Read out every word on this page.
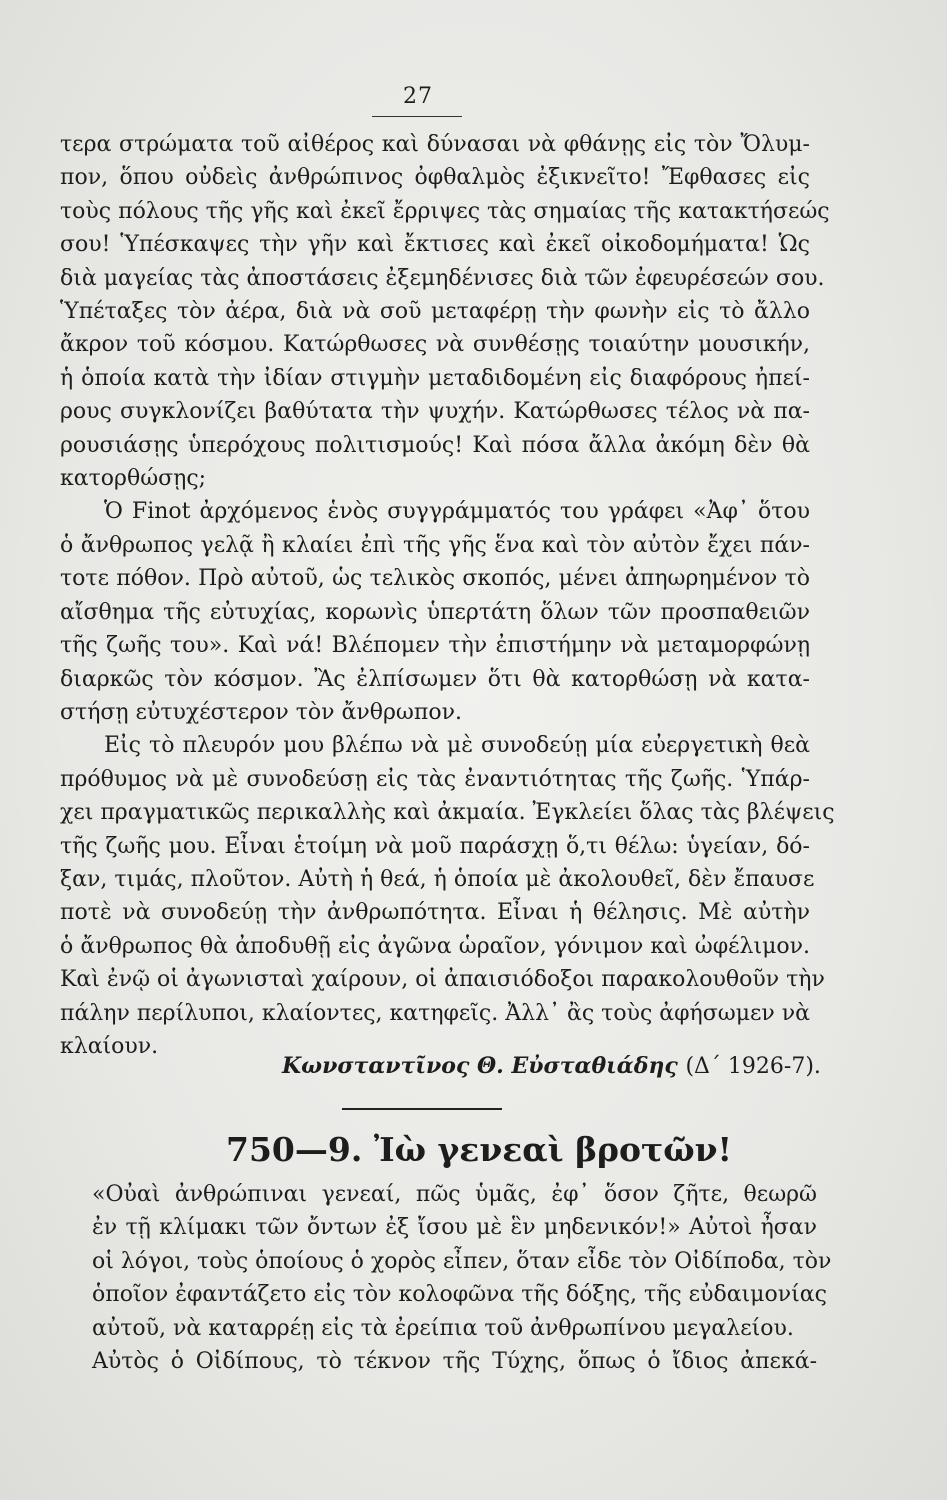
27
τερα στρώματα τοῦ αἰθέρος καὶ δύνασαι νὰ φθάνῃς εἰς τὸν Ὄλυμ-
πον, ὅπου οὐδεὶς ἀνθρώπινος ὀφθαλμὸς ἐξικνεῖτο! Ἔφθασες εἰς
τοὺς πόλους τῆς γῆς καὶ ἐκεῖ ἔρριψες τὰς σημαίας τῆς κατακτήσεώς
σου! Ὑπέσκαψες τὴν γῆν καὶ ἔκτισες καὶ ἐκεῖ οἰκοδομήματα! Ὡς
διὰ μαγείας τὰς ἀποστάσεις ἐξεμηδένισες διὰ τῶν ἐφευρέσεών σου.
Ὑπέταξες τὸν ἀέρα, διὰ νὰ σοῦ μεταφέρῃ τὴν φωνὴν εἰς τὸ ἄλλο
ἄκρον τοῦ κόσμου. Κατώρθωσες νὰ συνθέσῃς τοιαύτην μουσικήν,
ἡ ὁποία κατὰ τὴν ἰδίαν στιγμὴν μεταδιδομένη εἰς διαφόρους ἠπεί-
ρους συγκλονίζει βαθύτατα τὴν ψυχήν. Κατώρθωσες τέλος νὰ πα-
ρουσιάσῃς ὑπερόχους πολιτισμούς! Καὶ πόσα ἄλλα ἀκόμη δὲν θὰ
κατορθώσῃς;
Ὁ Finot ἀρχόμενος ἑνὸς συγγράμματός του γράφει «Ἀφ᾽ ὅτου
ὁ ἄνθρωπος γελᾷ ἢ κλαίει ἐπὶ τῆς γῆς ἕνα καὶ τὸν αὐτὸν ἔχει πάν-
τοτε πόθον. Πρὸ αὐτοῦ, ὡς τελικὸς σκοπός, μένει ἀπηωρημένον τὸ
αἴσθημα τῆς εὐτυχίας, κορωνὶς ὑπερτάτη ὅλων τῶν προσπαθειῶν
τῆς ζωῆς του». Καὶ νά! Βλέπομεν τὴν ἐπιστήμην νὰ μεταμορφώνῃ
διαρκῶς τὸν κόσμον. Ἂς ἐλπίσωμεν ὅτι θὰ κατορθώσῃ νὰ κατα-
στήσῃ εὐτυχέστερον τὸν ἄνθρωπον.
Εἰς τὸ πλευρόν μου βλέπω νὰ μὲ συνοδεύῃ μία εὐεργετικὴ θεὰ
πρόθυμος νὰ μὲ συνοδεύσῃ εἰς τὰς ἐναντιότητας τῆς ζωῆς. Ὑπάρ-
χει πραγματικῶς περικαλλὴς καὶ ἀκμαία. Ἐγκλείει ὅλας τὰς βλέψεις
τῆς ζωῆς μου. Εἶναι ἑτοίμη νὰ μοῦ παράσχῃ ὅ,τι θέλω: ὑγείαν, δό-
ξαν, τιμάς, πλοῦτον. Αὐτὴ ἡ θεά, ἡ ὁποία μὲ ἀκολουθεῖ, δὲν ἔπαυσε
ποτὲ νὰ συνοδεύῃ τὴν ἀνθρωπότητα. Εἶναι ἡ θέλησις. Μὲ αὐτὴν
ὁ ἄνθρωπος θὰ ἀποδυθῇ εἰς ἀγῶνα ὡραῖον, γόνιμον καὶ ὠφέλιμον.
Καὶ ἐνῷ οἱ ἀγωνισταὶ χαίρουν, οἱ ἀπαισιόδοξοι παρακολουθοῦν τὴν
πάλην περίλυποι, κλαίοντες, κατηφεῖς. Ἀλλ᾽ ἂς τοὺς ἀφήσωμεν νὰ
κλαίουν.
Κωνσταντῖνος Θ. Εὐσταθιάδης (Δ΄ 1926-7).
750—9. Ἰὼ γενεαὶ βροτῶν!
«Οὐαὶ ἀνθρώπιναι γενεαί, πῶς ὑμᾶς, ἐφ᾽ ὅσον ζῆτε, θεωρῶ
ἐν τῇ κλίμακι τῶν ὄντων ἐξ ἴσου μὲ ἓν μηδενικόν!» Αὐτοὶ ἦσαν
οἱ λόγοι, τοὺς ὁποίους ὁ χορὸς εἶπεν, ὅταν εἶδε τὸν Οἰδίποδα, τὸν
ὁποῖον ἐφαντάζετο εἰς τὸν κολοφῶνα τῆς δόξης, τῆς εὐδαιμονίας
αὐτοῦ, νὰ καταρρέῃ εἰς τὰ ἐρείπια τοῦ ἀνθρωπίνου μεγαλείου.
Αὐτὸς ὁ Οἰδίπους, τὸ τέκνον τῆς Τύχης, ὅπως ὁ ἴδιος ἀπεκά-
